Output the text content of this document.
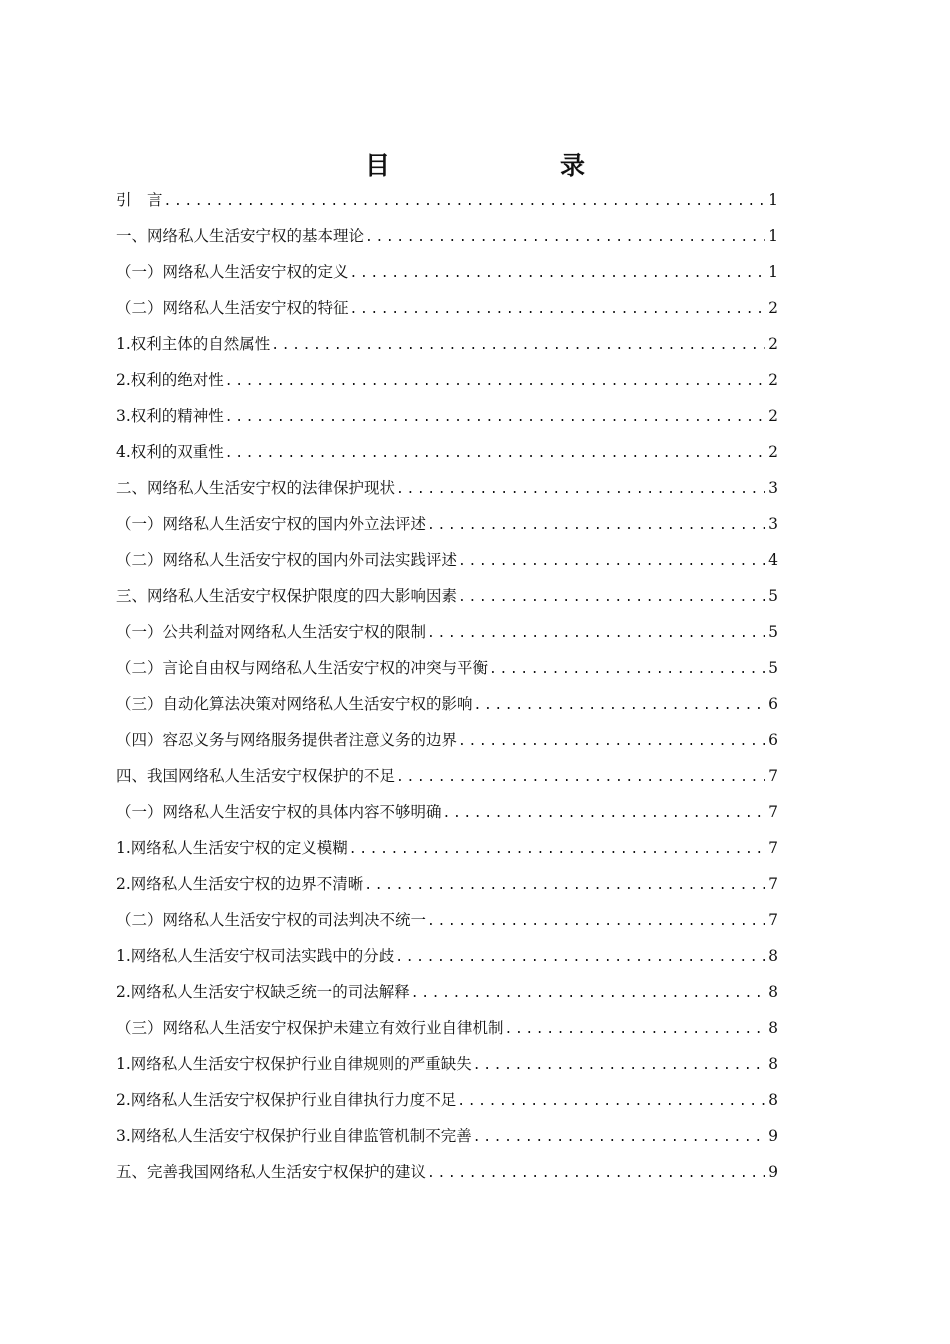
目　　录
引　言 .....	1
一、网络私人生活安宁权的基本理论 .....	1
（一）网络私人生活安宁权的定义 .....	1
（二）网络私人生活安宁权的特征 .....	2
1.权利主体的自然属性 .....	2
2.权利的绝对性 .....	2
3.权利的精神性 .....	2
4.权利的双重性 .....	2
二、网络私人生活安宁权的法律保护现状 .....	3
（一）网络私人生活安宁权的国内外立法评述 .....	3
（二）网络私人生活安宁权的国内外司法实践评述 .....	4
三、网络私人生活安宁权保护限度的四大影响因素 .....	5
（一）公共利益对网络私人生活安宁权的限制 .....	5
（二）言论自由权与网络私人生活安宁权的冲突与平衡 .....	5
（三）自动化算法决策对网络私人生活安宁权的影响 .....	6
（四）容忍义务与网络服务提供者注意义务的边界 .....	6
四、我国网络私人生活安宁权保护的不足 .....	7
（一）网络私人生活安宁权的具体内容不够明确 .....	7
1.网络私人生活安宁权的定义模糊 .....	7
2.网络私人生活安宁权的边界不清晰 .....	7
（二）网络私人生活安宁权的司法判决不统一 .....	7
1.网络私人生活安宁权司法实践中的分歧 .....	8
2.网络私人生活安宁权缺乏统一的司法解释 .....	8
（三）网络私人生活安宁权保护未建立有效行业自律机制 .....	8
1.网络私人生活安宁权保护行业自律规则的严重缺失 .....	8
2.网络私人生活安宁权保护行业自律执行力度不足 .....	8
3.网络私人生活安宁权保护行业自律监管机制不完善 .....	9
五、完善我国网络私人生活安宁权保护的建议 .....	9
